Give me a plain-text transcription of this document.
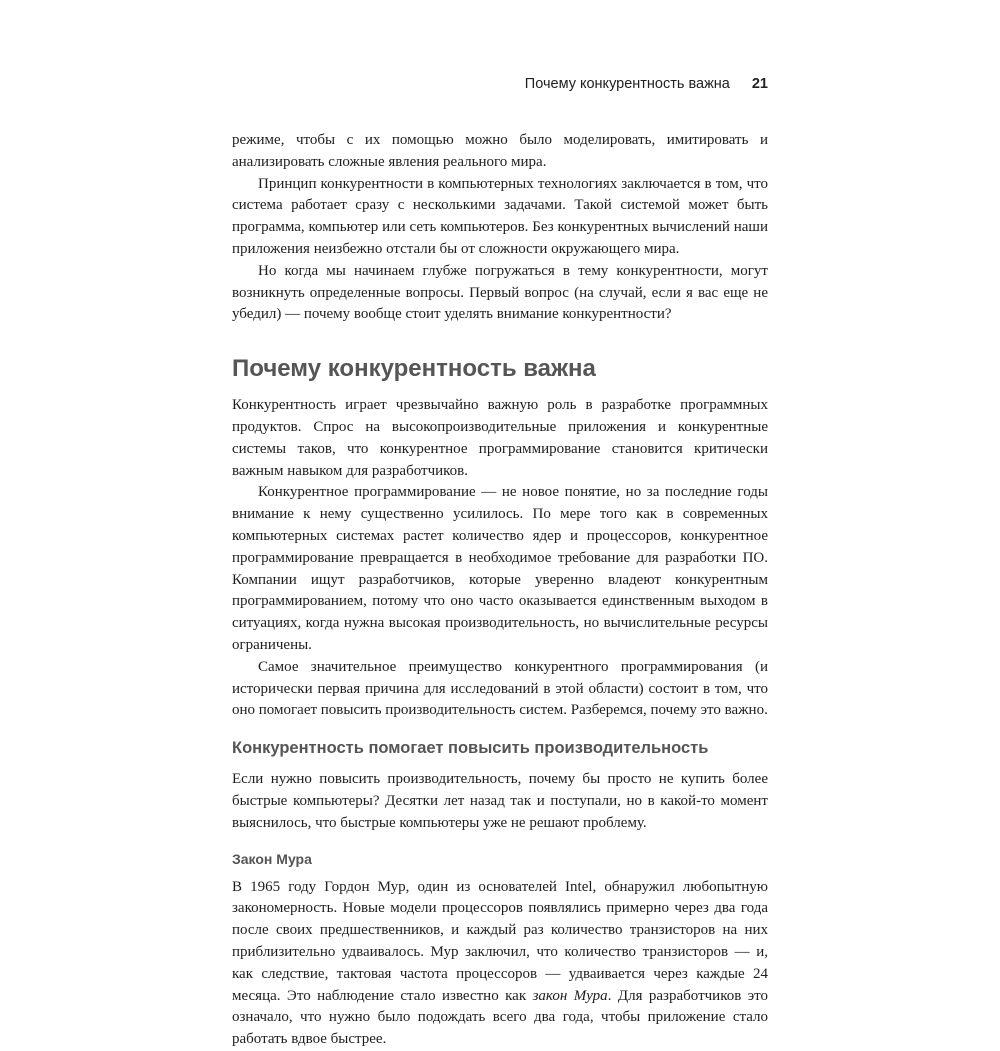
Почему конкурентность важна 21

режиме, чтобы с их помощью можно было моделировать, имитировать и анализировать сложные явления реального мира.

Принцип конкурентности в компьютерных технологиях заключается в том, что система работает сразу с несколькими задачами. Такой системой может быть программа, компьютер или сеть компьютеров. Без конкурентных вычислений наши приложения неизбежно отстали бы от сложности окружающего мира.

Но когда мы начинаем глубже погружаться в тему конкурентности, могут возникнуть определенные вопросы. Первый вопрос (на случай, если я вас еще не убедил) — почему вообще стоит уделять внимание конкурентности?

Почему конкурентность важна

Конкурентность играет чрезвычайно важную роль в разработке программных продуктов. Спрос на высокопроизводительные приложения и конкурентные системы таков, что конкурентное программирование становится критически важным навыком для разработчиков.

Конкурентное программирование — не новое понятие, но за последние годы внимание к нему существенно усилилось. По мере того как в современных компьютерных системах растет количество ядер и процессоров, конкурентное программирование превращается в необходимое требование для разработки ПО. Компании ищут разработчиков, которые уверенно владеют конкурентным программированием, потому что оно часто оказывается единственным выходом в ситуациях, когда нужна высокая производительность, но вычислительные ресурсы ограничены.

Самое значительное преимущество конкурентного программирования (и исторически первая причина для исследований в этой области) состоит в том, что оно помогает повысить производительность систем. Разберемся, почему это важно.

Конкурентность помогает повысить производительность

Если нужно повысить производительность, почему бы просто не купить более быстрые компьютеры? Десятки лет назад так и поступали, но в какой-то момент выяснилось, что быстрые компьютеры уже не решают проблему.

Закон Мура

В 1965 году Гордон Мур, один из основателей Intel, обнаружил любопытную закономерность. Новые модели процессоров появлялись примерно через два года после своих предшественников, и каждый раз количество транзисторов на них приблизительно удваивалось. Мур заключил, что количество транзисторов — и, как следствие, тактовая частота процессоров — удваивается через каждые 24 месяца. Это наблюдение стало известно как закон Мура. Для разработчиков это означало, что нужно было подождать всего два года, чтобы приложение стало работать вдвое быстрее.
